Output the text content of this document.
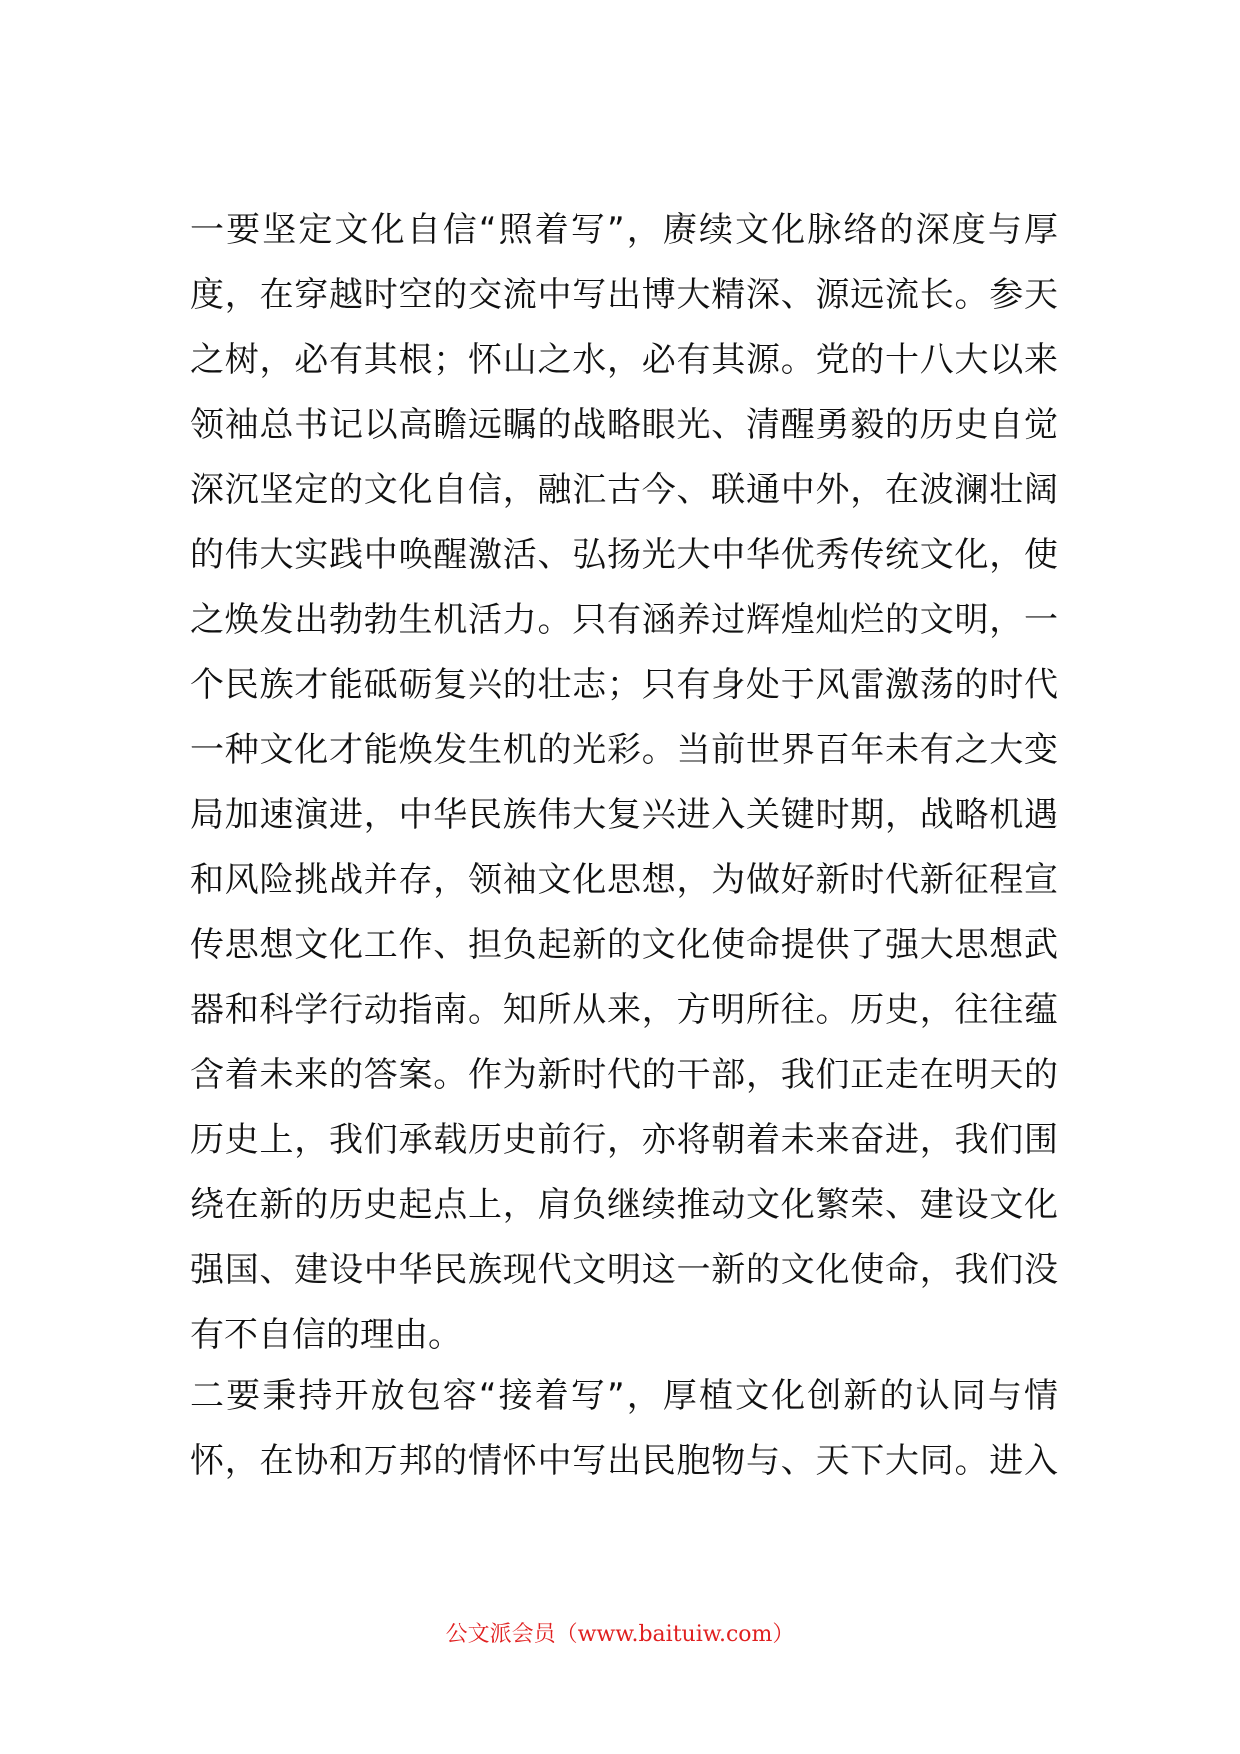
一要坚定文化自信“照着写”，赓续文化脉络的深度与厚
度，在穿越时空的交流中写出博大精深、源远流长。参天
之树，必有其根；怀山之水，必有其源。党的十八大以来
领袖总书记以高瞻远瞩的战略眼光、清醒勇毅的历史自觉
深沉坚定的文化自信，融汇古今、联通中外，在波澜壮阔
的伟大实践中唤醒激活、弘扬光大中华优秀传统文化，使
之焕发出勃勃生机活力。只有涵养过辉煌灿烂的文明，一
个民族才能砥砺复兴的壮志；只有身处于风雷激荡的时代
一种文化才能焕发生机的光彩。当前世界百年未有之大变
局加速演进，中华民族伟大复兴进入关键时期，战略机遇
和风险挑战并存，领袖文化思想，为做好新时代新征程宣
传思想文化工作、担负起新的文化使命提供了强大思想武
器和科学行动指南。知所从来，方明所往。历史，往往蕴
含着未来的答案。作为新时代的干部，我们正走在明天的
历史上，我们承载历史前行，亦将朝着未来奋进，我们围
绕在新的历史起点上，肩负继续推动文化繁荣、建设文化
强国、建设中华民族现代文明这一新的文化使命，我们没
有不自信的理由。
二要秉持开放包容“接着写”，厚植文化创新的认同与情
怀，在协和万邦的情怀中写出民胞物与、天下大同。进入
公文派会员（www.baituiw.com）
